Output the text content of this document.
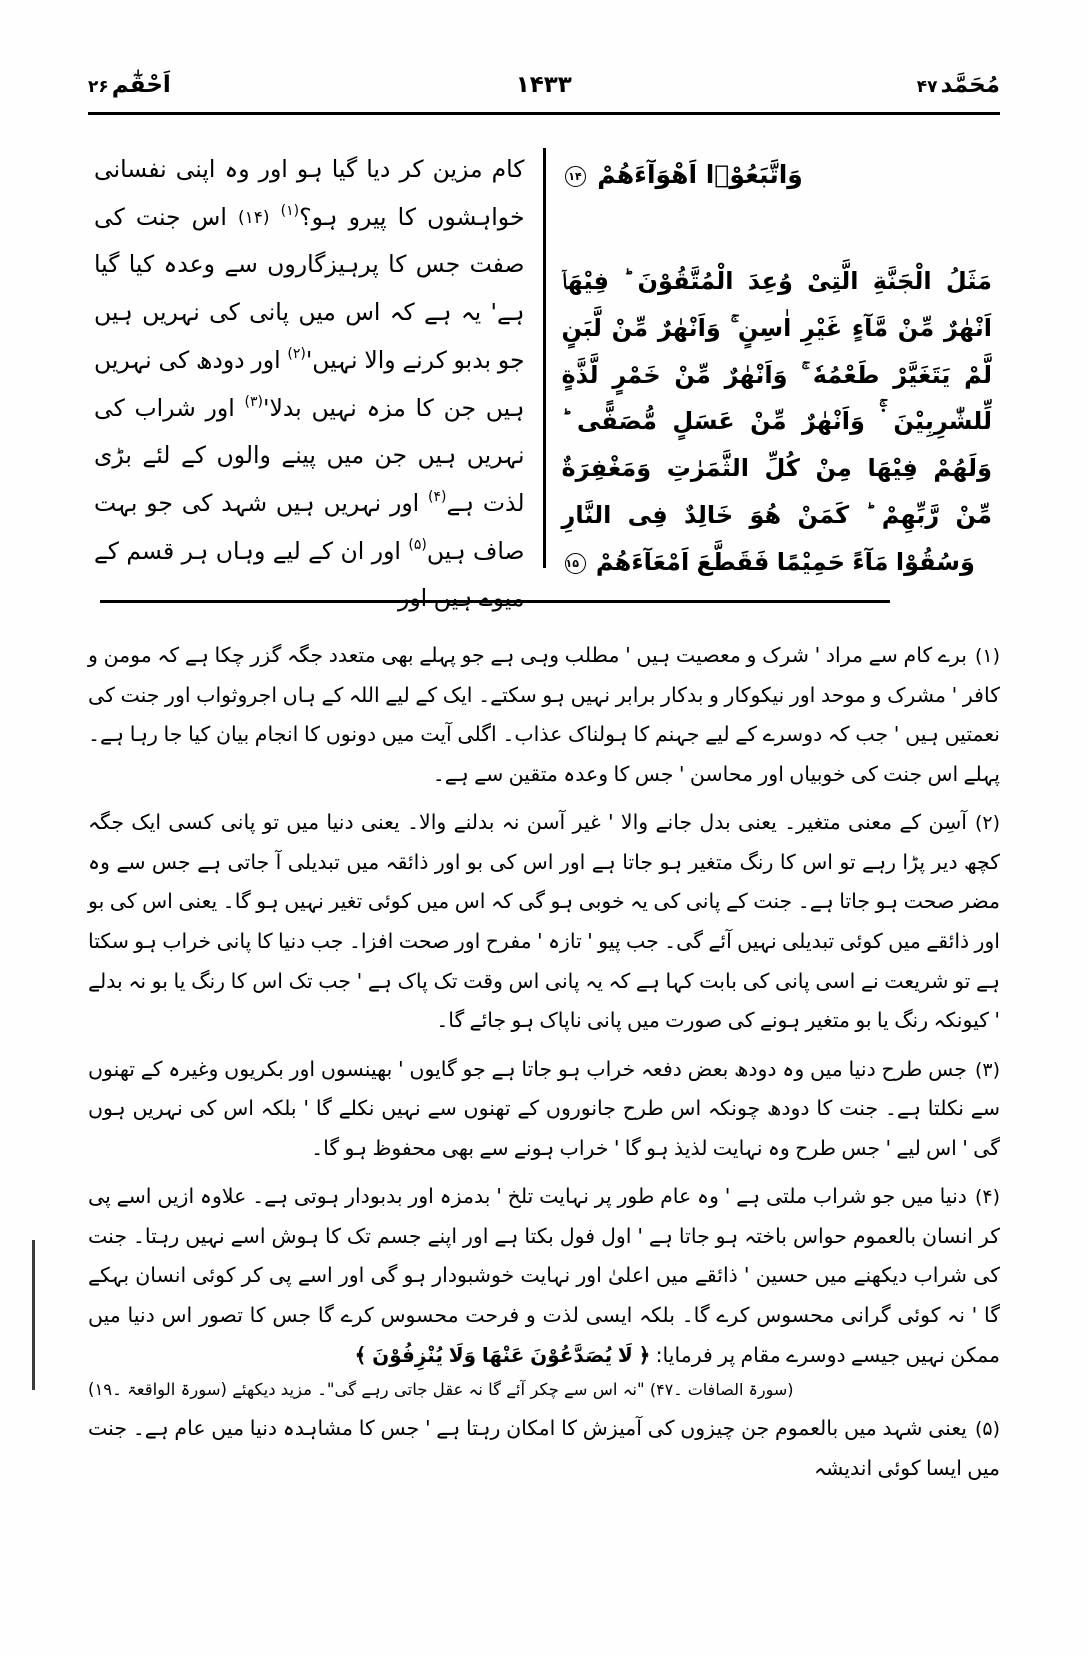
اَحْقٰٓم
۲۶	۱۴۳۳	مُحَمَّد
۴۷
وَاتَّبَعُوْۤا اَهْوَآءَهُمْ ۱۴
مَثَلُ الْجَنَّةِ الَّتِیْ وُعِدَ الْمُتَّقُوْنَ ؕ فِیْهَاۤ اَنْهٰرٌ مِّنْ مَّآءٍ غَیْرِ اٰسِنٍ ۚ وَاَنْهٰرٌ مِّنْ لَّبَنٍ لَّمْ یَتَغَیَّرْ طَعْمُهٗ ۚ وَاَنْهٰرٌ مِّنْ خَمْرٍ لَّذَّةٍ لِّلشّٰرِبِیْنَ ۬ۚ وَاَنْهٰرٌ مِّنْ عَسَلٍ مُّصَفًّی ؕ وَلَهُمْ فِیْهَا مِنْ كُلِّ الثَّمَرٰتِ وَمَغْفِرَةٌ مِّنْ رَّبِّهِمْ ؕ كَمَنْ هُوَ خَالِدٌ فِی النَّارِ وَسُقُوْا مَآءً حَمِیْمًا فَقَطَّعَ اَمْعَآءَهُمْ ۱۵
کام مزین کر دیا گیا ہو اور وہ اپنی نفسانی خواہشوں کا پیرو ہو؟$^{(۱)}$ (۱۴) اس جنت کی صفت جس کا پرہیزگاروں سے وعدہ کیا گیا ہے' یہ ہے کہ اس میں پانی کی نہریں ہیں جو بدبو کرنے والا نہیں'$^{(۲)}$ اور دودھ کی نہریں ہیں جن کا مزہ نہیں بدلا'$^{(۳)}$ اور شراب کی نہریں ہیں جن میں پینے والوں کے لئے بڑی لذت ہے$^{(۴)}$ اور نہریں ہیں شہد کی جو بہت صاف ہیں$^{(۵)}$ اور ان کے لیے وہاں ہر قسم کے میوے ہیں اور
(۱)برے کام سے مراد ' شرک و معصیت ہیں ' مطلب وہی ہے جو پہلے بھی متعدد جگہ گزر چکا ہے کہ مومن و کافر ' مشرک و موحد اور نیکوکار و بدکار برابر نہیں ہو سکتے۔ ایک کے لیے اللہ کے ہاں اجروثواب اور جنت کی نعمتیں ہیں ' جب کہ دوسرے کے لیے جہنم کا ہولناک عذاب۔ اگلی آیت میں دونوں کا انجام بیان کیا جا رہا ہے۔ پہلے اس جنت کی خوبیاں اور محاسن ' جس کا وعدہ متقین سے ہے۔
(۲)آسِن کے معنی متغیر۔ یعنی بدل جانے والا ' غیر آسن نہ بدلنے والا۔ یعنی دنیا میں تو پانی کسی ایک جگہ کچھ دیر پڑا رہے تو اس کا رنگ متغیر ہو جاتا ہے اور اس کی بو اور ذائقہ میں تبدیلی آ جاتی ہے جس سے وہ مضر صحت ہو جاتا ہے۔ جنت کے پانی کی یہ خوبی ہو گی کہ اس میں کوئی تغیر نہیں ہو گا۔ یعنی اس کی بو اور ذائقے میں کوئی تبدیلی نہیں آئے گی۔ جب پیو ' تازہ ' مفرح اور صحت افزا۔ جب دنیا کا پانی خراب ہو سکتا ہے تو شریعت نے اسی پانی کی بابت کہا ہے کہ یہ پانی اس وقت تک پاک ہے ' جب تک اس کا رنگ یا بو نہ بدلے ' کیونکہ رنگ یا بو متغیر ہونے کی صورت میں پانی ناپاک ہو جائے گا۔
(۳)جس طرح دنیا میں وہ دودھ بعض دفعہ خراب ہو جاتا ہے جو گایوں ' بھینسوں اور بکریوں وغیرہ کے تھنوں سے نکلتا ہے۔ جنت کا دودھ چونکہ اس طرح جانوروں کے تھنوں سے نہیں نکلے گا ' بلکہ اس کی نہریں ہوں گی ' اس لیے ' جس طرح وہ نہایت لذیذ ہو گا ' خراب ہونے سے بھی محفوظ ہو گا۔
(۴)دنیا میں جو شراب ملتی ہے ' وہ عام طور پر نہایت تلخ ' بدمزہ اور بدبودار ہوتی ہے۔ علاوہ ازیں اسے پی کر انسان بالعموم حواس باختہ ہو جاتا ہے ' اول فول بکتا ہے اور اپنے جسم تک کا ہوش اسے نہیں رہتا۔ جنت کی شراب دیکھنے میں حسین ' ذائقے میں اعلیٰ اور نہایت خوشبودار ہو گی اور اسے پی کر کوئی انسان بہکے گا ' نہ کوئی گرانی محسوس کرے گا۔ بلکہ ایسی لذت و فرحت محسوس کرے گا جس کا تصور اس دنیا میں ممکن نہیں جیسے دوسرے مقام پر فرمایا: ﴿ لَا یُصَدَّعُوْنَ عَنْهَا وَلَا یُنْزِفُوْنَ ﴾
(سورۃ الصافات ۔۴۷) "نہ اس سے چکر آئے گا نہ عقل جاتی رہے گی"۔ مزید دیکھئے (سورۃ الواقعۃ ۔۱۹)
(۵)یعنی شہد میں بالعموم جن چیزوں کی آمیزش کا امکان رہتا ہے ' جس کا مشاہدہ دنیا میں عام ہے۔ جنت میں ایسا کوئی اندیشہ
